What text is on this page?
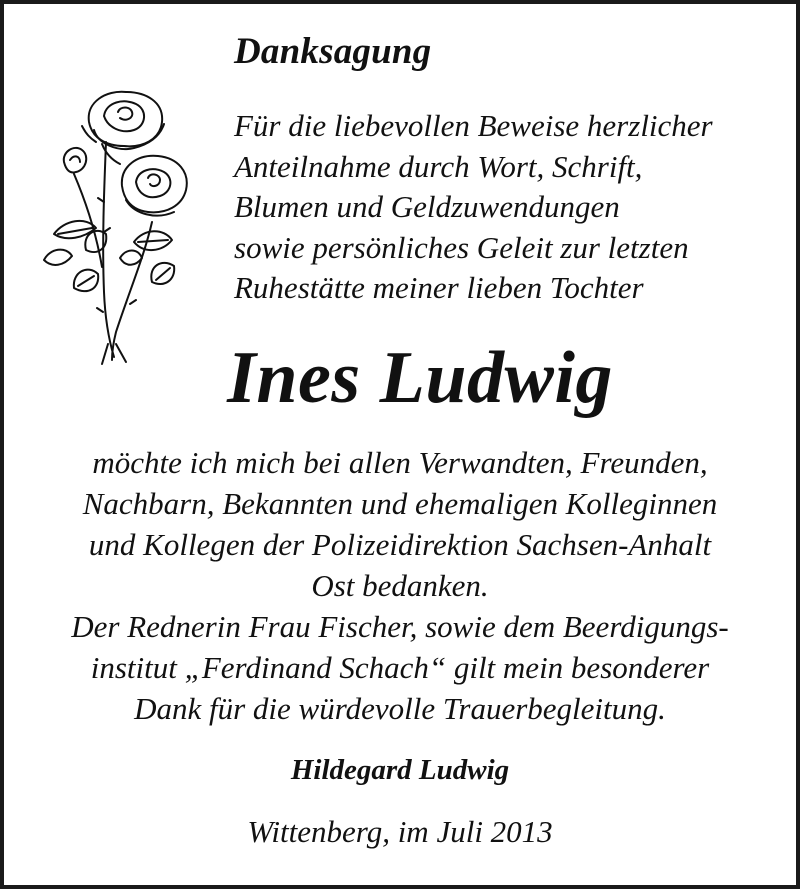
Danksagung
Für die liebevollen Beweise herzlicher
Anteilnahme durch Wort, Schrift,
Blumen und Geldzuwendungen
sowie persönliches Geleit zur letzten
Ruhestätte meiner lieben Tochter
Ines Ludwig
möchte ich mich bei allen Verwandten, Freunden,
Nachbarn, Bekannten und ehemaligen Kolleginnen
und Kollegen der Polizeidirektion Sachsen-Anhalt
Ost bedanken.
Der Rednerin Frau Fischer, sowie dem Beerdigungs-
institut „Ferdinand Schach“ gilt mein besonderer
Dank für die würdevolle Trauerbegleitung.
Hildegard Ludwig
Wittenberg, im Juli 2013
